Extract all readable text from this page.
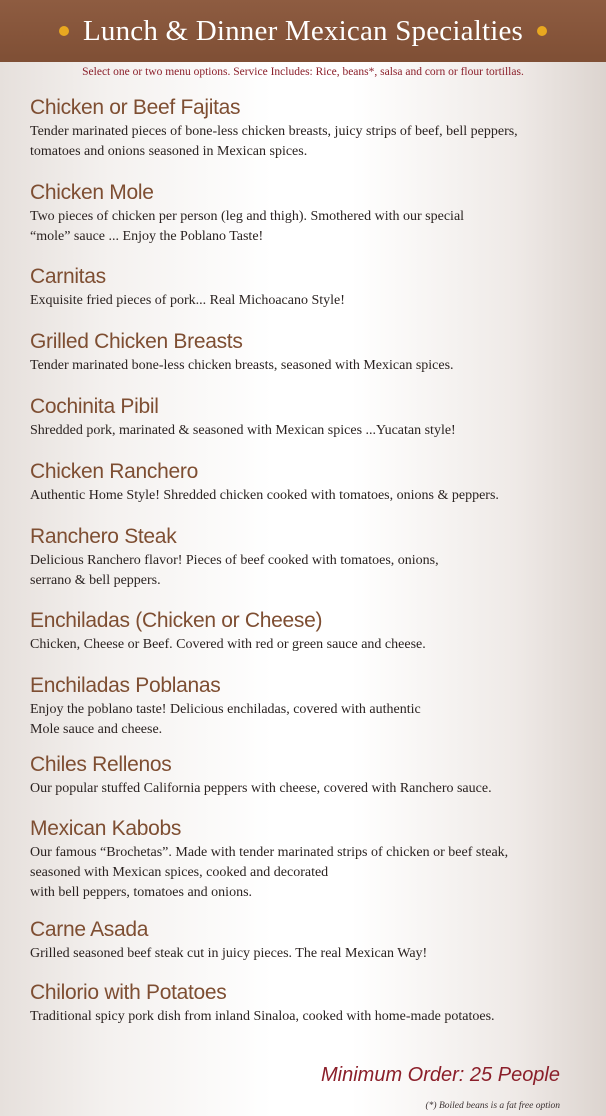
Lunch & Dinner Mexican Specialties
Select one or two menu options. Service Includes: Rice, beans*, salsa and corn or flour tortillas.
Chicken or Beef Fajitas
Tender marinated pieces of bone-less chicken breasts, juicy strips of beef, bell peppers,
tomatoes and onions seasoned in Mexican spices.
Chicken Mole
Two pieces of chicken per person (leg and thigh). Smothered with our special
“mole” sauce ... Enjoy the Poblano Taste!
Carnitas
Exquisite fried pieces of pork... Real Michoacano Style!
Grilled Chicken Breasts
Tender marinated bone-less chicken breasts, seasoned with Mexican spices.
Cochinita Pibil
Shredded pork, marinated & seasoned with Mexican spices ...Yucatan style!
Chicken Ranchero
Authentic Home Style! Shredded chicken cooked with tomatoes, onions & peppers.
Ranchero Steak
Delicious Ranchero flavor! Pieces of beef cooked with tomatoes, onions,
serrano & bell peppers.
Enchiladas (Chicken or Cheese)
Chicken, Cheese or Beef. Covered with red or green sauce and cheese.
Enchiladas Poblanas
Enjoy the poblano taste! Delicious enchiladas, covered with authentic
Mole sauce and cheese.
Chiles Rellenos
Our popular stuffed California peppers with cheese, covered with Ranchero sauce.
Mexican Kabobs
Our famous “Brochetas”. Made with tender marinated strips of chicken or beef steak,
seasoned with Mexican spices, cooked and decorated
with bell peppers, tomatoes and onions.
Carne Asada
Grilled seasoned beef steak cut in juicy pieces. The real Mexican Way!
Chilorio with Potatoes
Traditional spicy pork dish from inland Sinaloa, cooked with home-made potatoes.
Minimum Order: 25 People
(*) Boiled beans is a fat free option
